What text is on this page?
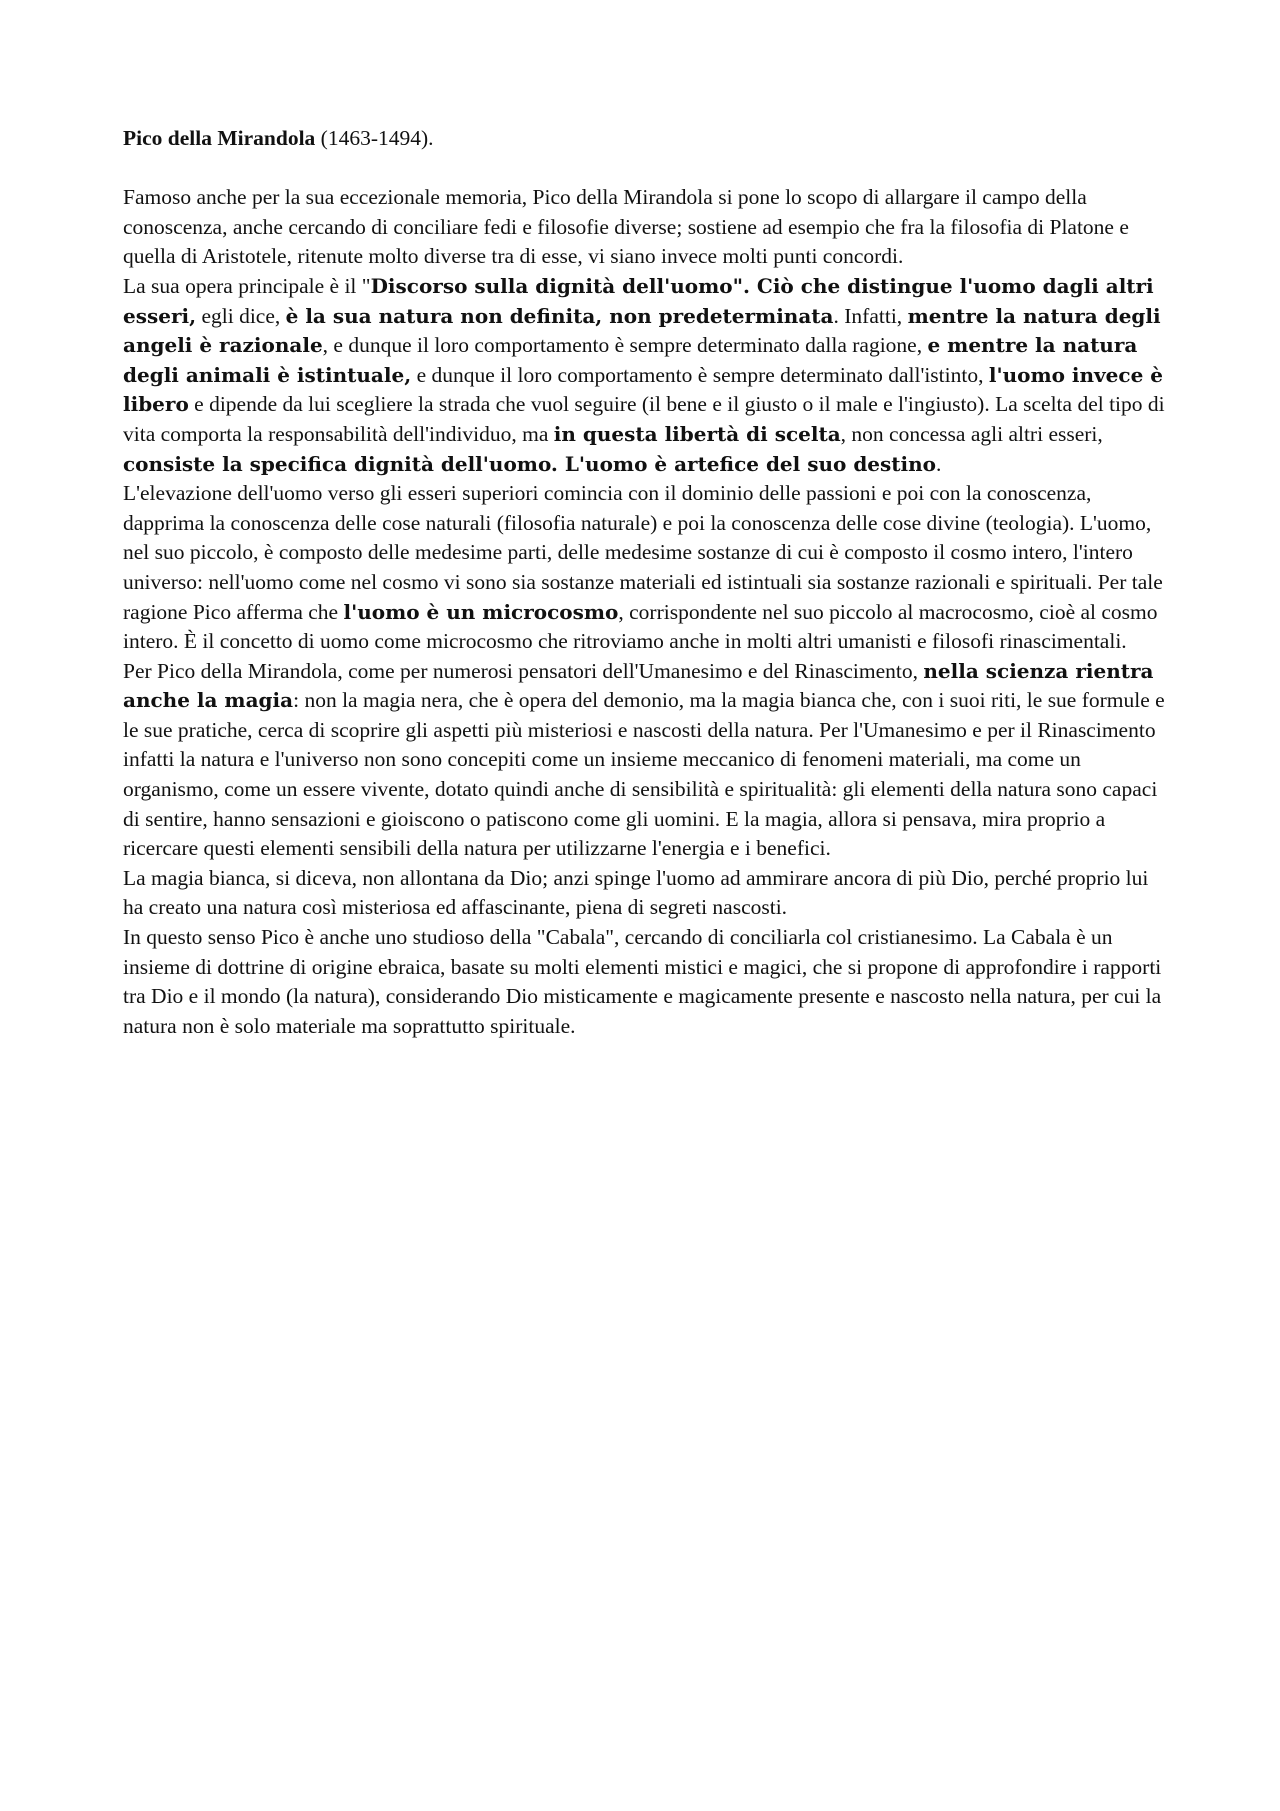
Pico della Mirandola (1463-1494).

Famoso anche per la sua eccezionale memoria, Pico della Mirandola si pone lo scopo di allargare il campo della conoscenza, anche cercando di conciliare fedi e filosofie diverse; sostiene ad esempio che fra la filosofia di Platone e quella di Aristotele, ritenute molto diverse tra di esse, vi siano invece molti punti concordi.

La sua opera principale è il "Discorso sulla dignità dell'uomo". Ciò che distingue l'uomo dagli altri esseri, egli dice, è la sua natura non definita, non predeterminata. Infatti, mentre la natura degli angeli è razionale, e dunque il loro comportamento è sempre determinato dalla ragione, e mentre la natura degli animali è istintuale, e dunque il loro comportamento è sempre determinato dall'istinto, l'uomo invece è libero e dipende da lui scegliere la strada che vuol seguire (il bene e il giusto o il male e l'ingiusto). La scelta del tipo di vita comporta la responsabilità dell'individuo, ma in questa libertà di scelta, non concessa agli altri esseri, consiste la specifica dignità dell'uomo. L'uomo è artefice del suo destino.

L'elevazione dell'uomo verso gli esseri superiori comincia con il dominio delle passioni e poi con la conoscenza, dapprima la conoscenza delle cose naturali (filosofia naturale) e poi la conoscenza delle cose divine (teologia). L'uomo, nel suo piccolo, è composto delle medesime parti, delle medesime sostanze di cui è composto il cosmo intero, l'intero universo: nell'uomo come nel cosmo vi sono sia sostanze materiali ed istintuali sia sostanze razionali e spirituali. Per tale ragione Pico afferma che l'uomo è un microcosmo, corrispondente nel suo piccolo al macrocosmo, cioè al cosmo intero. È il concetto di uomo come microcosmo che ritroviamo anche in molti altri umanisti e filosofi rinascimentali.

Per Pico della Mirandola, come per numerosi pensatori dell'Umanesimo e del Rinascimento, nella scienza rientra anche la magia: non la magia nera, che è opera del demonio, ma la magia bianca che, con i suoi riti, le sue formule e le sue pratiche, cerca di scoprire gli aspetti più misteriosi e nascosti della natura. Per l'Umanesimo e per il Rinascimento infatti la natura e l'universo non sono concepiti come un insieme meccanico di fenomeni materiali, ma come un organismo, come un essere vivente, dotato quindi anche di sensibilità e spiritualità: gli elementi della natura sono capaci di sentire, hanno sensazioni e gioiscono o patiscono come gli uomini. E la magia, allora si pensava, mira proprio a ricercare questi elementi sensibili della natura per utilizzarne l'energia e i benefici.

La magia bianca, si diceva, non allontana da Dio; anzi spinge l'uomo ad ammirare ancora di più Dio, perché proprio lui ha creato una natura così misteriosa ed affascinante, piena di segreti nascosti.

In questo senso Pico è anche uno studioso della "Cabala", cercando di conciliarla col cristianesimo. La Cabala è un insieme di dottrine di origine ebraica, basate su molti elementi mistici e magici, che si propone di approfondire i rapporti tra Dio e il mondo (la natura), considerando Dio misticamente e magicamente presente e nascosto nella natura, per cui la natura non è solo materiale ma soprattutto spirituale.
